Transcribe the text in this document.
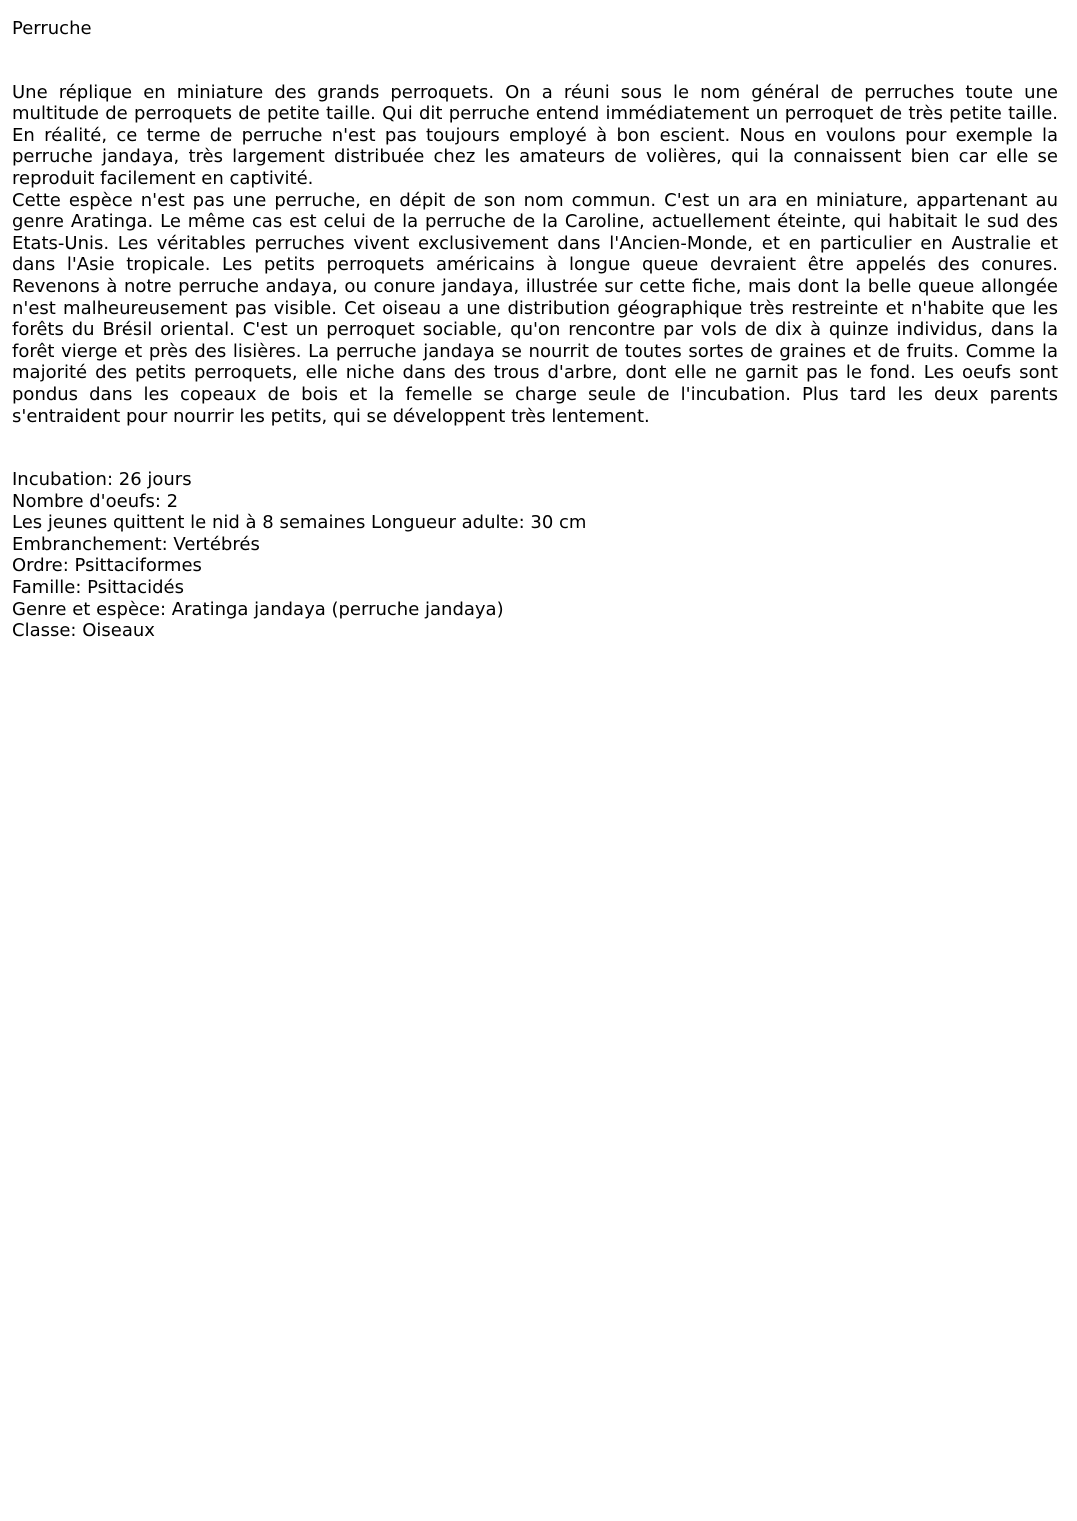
Perruche

Une réplique en miniature des grands perroquets. On a réuni sous le nom général de perruches toute une multitude de perroquets de petite taille. Qui dit perruche entend immédiatement un perroquet de très petite taille. En réalité, ce terme de perruche n'est pas toujours employé à bon escient. Nous en voulons pour exemple la perruche jandaya, très largement distribuée chez les amateurs de volières, qui la connaissent bien car elle se reproduit facilement en captivité.

Cette espèce n'est pas une perruche, en dépit de son nom commun. C'est un ara en miniature, appartenant au genre Aratinga. Le même cas est celui de la perruche de la Caroline, actuellement éteinte, qui habitait le sud des Etats-Unis. Les véritables perruches vivent exclusivement dans l'Ancien-Monde, et en particulier en Australie et dans l'Asie tropicale. Les petits perroquets américains à longue queue devraient être appelés des conures. Revenons à notre perruche andaya, ou conure jandaya, illustrée sur cette fiche, mais dont la belle queue allongée n'est malheureusement pas visible. Cet oiseau a une distribution géographique très restreinte et n'habite que les forêts du Brésil oriental. C'est un perroquet sociable, qu'on rencontre par vols de dix à quinze individus, dans la forêt vierge et près des lisières. La perruche jandaya se nourrit de toutes sortes de graines et de fruits. Comme la majorité des petits perroquets, elle niche dans des trous d'arbre, dont elle ne garnit pas le fond. Les oeufs sont pondus dans les copeaux de bois et la femelle se charge seule de l'incubation. Plus tard les deux parents s'entraident pour nourrir les petits, qui se développent très lentement.

Incubation: 26 jours
Nombre d'oeufs: 2
Les jeunes quittent le nid à 8 semaines Longueur adulte: 30 cm
Embranchement: Vertébrés
Ordre: Psittaciformes
Famille: Psittacidés
Genre et espèce: Aratinga jandaya (perruche jandaya)
Classe: Oiseaux
